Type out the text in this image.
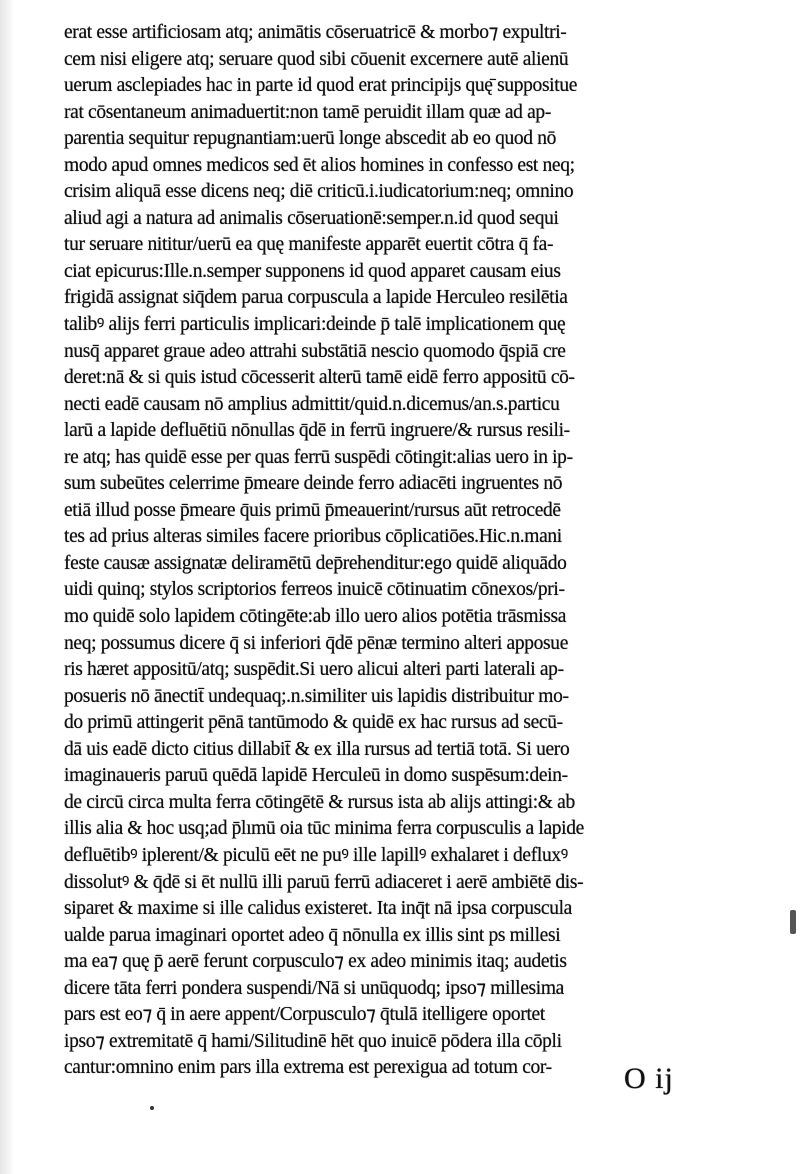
erat esse artificiosam atq; animātis cōseruatricē & morbo⁊ expultri-
cem nisi eligere atq; seruare quod sibi cōuenit excernere autē alienū
uerum asclepiades hac in parte id quod erat principijs quę̄ suppositue
rat cōsentaneum animaduertit:non tamē peruidit illam quæ ad ap-
parentia sequitur repugnantiam:uerū longe abscedit ab eo quod nō
modo apud omnes medicos sed ēt alios homines in confesso est neq;
crisim aliquā esse dicens neq; diē criticū.i.iudicatorium:neq; omnino
aliud agi a natura ad animalis cōseruationē:semper.n.id quod sequi
tur seruare nititur/uerū ea quę manifeste apparēt euertit cōtra q̄ fa-
ciat epicurus:Ille.n.semper supponens id quod apparet causam eius
frigidā assignat siq̄dem parua corpuscula a lapide Herculeo resilētia
talibꝰ alijs ferri particulis implicari:deinde p̄ talē implicationem quę
nusq̄ apparet graue adeo attrahi substātiā nescio quomodo q̄spiā cre
deret:nā & si quis istud cōcesserit alterū tamē eidē ferro appositū cō-
necti eadē causam nō amplius admittit/quid.n.dicemus/an.s.particu
larū a lapide defluētiū nōnullas q̄dē in ferrū ingruere/& rursus resili-
re atq; has quidē esse per quas ferrū suspēdi cōtingit:alias uero in ip-
sum subeūtes celerrime p̄meare deinde ferro adiacēti ingruentes nō
etiā illud posse p̄meare q̄uis primū p̄meauerint/rursus aūt retrocedē
tes ad prius alteras similes facere prioribus cōplicatiōes.Hic.n.mani
feste causæ assignatæ deliramētū dep̄rehenditur:ego quidē aliquādo
uidi quinq; stylos scriptorios ferreos inuicē cōtinuatim cōnexos/pri-
mo quidē solo lapidem cōtingēte:ab illo uero alios potētia trāsmissa
neq; possumus dicere q̄ si inferiori q̄dē pēnæ termino alteri apposue
ris hæret appositū/atq; suspēdit.Si uero alicui alteri parti laterali ap-
posueris nō ānectit̄ undequaq;.n.similiter uis lapidis distribuitur mo-
do primū attingerit pēnā tantūmodo & quidē ex hac rursus ad secū-
dā uis eadē dicto citius dillabit̄ & ex illa rursus ad tertiā totā. Si uero
imaginaueris paruū quēdā lapidē Herculeū in domo suspēsum:dein-
de circū circa multa ferra cōtingētē & rursus ista ab alijs attingi:& ab
illis alia & hoc usq;ad p̄lımū oia tūc minima ferra corpusculis a lapide
defluētibꝰ iplerent/& piculū eēt ne puꝰ ille lapillꝰ exhalaret i defluxꝰ
dissolutꝰ & q̄dē si ēt nullū illi paruū ferrū adiaceret i aerē ambiētē dis-
siparet & maxime si ille calidus existeret. Ita inq̄t nā ipsa corpuscula
ualde parua imaginari oportet adeo q̄ nōnulla ex illis sint ps millesi
ma ea⁊ quę p̄ aerē ferunt corpusculo⁊ ex adeo minimis itaq; audetis
dicere tāta ferri pondera suspendi/Nā si unūquodq; ipso⁊ millesima
pars est eo⁊ q̄ in aere appent/Corpusculo⁊ q̄tulā itelligere oportet
ipso⁊ extremitatē q̄ hami/Silitudinē hēt quo inuicē pōdera illa cōpli
cantur:omnino enim pars illa extrema est perexigua ad totum cor-	O ij
